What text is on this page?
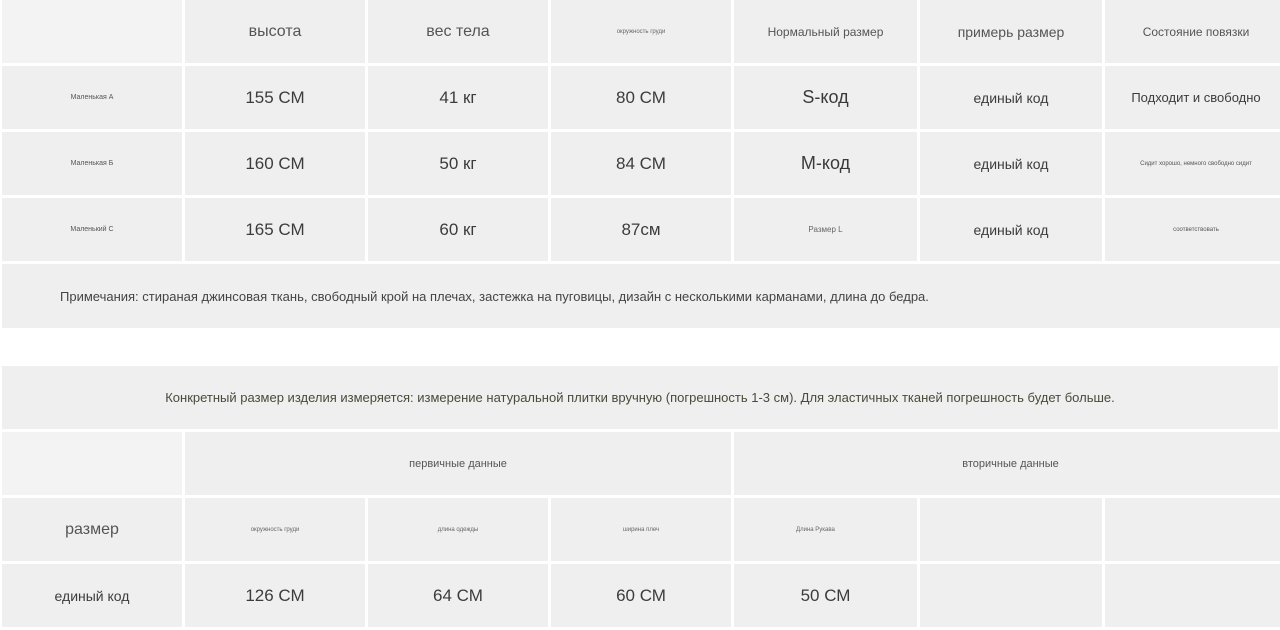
	высота	вес тела	окружность груди	Нормальный размер	примерь размер	Состояние повязки
Маленькая А	155 СМ	41 кг	80 СМ	S-код	единый код	Подходит и свободно
Маленькая Б	160 СМ	50 кг	84 СМ	M-код	единый код	Сидит хорошо, немного свободно сидит
Маленький С	165 СМ	60 кг	87см	Размер L	единый код	соответствовать
Примечания: стираная джинсовая ткань, свободный крой на плечах, застежка на пуговицы, дизайн с несколькими карманами, длина до бедра.						
Конкретный размер изделия измеряется: измерение натуральной плитки вручную (погрешность 1-3 см). Для эластичных тканей погрешность будет больше.
	первичные данные			вторичные данные		
размер	окружность груди	длина одежды	ширина плеч	Длина Рукава		
единый код	126 СМ	64 СМ	60 СМ	50 СМ		
